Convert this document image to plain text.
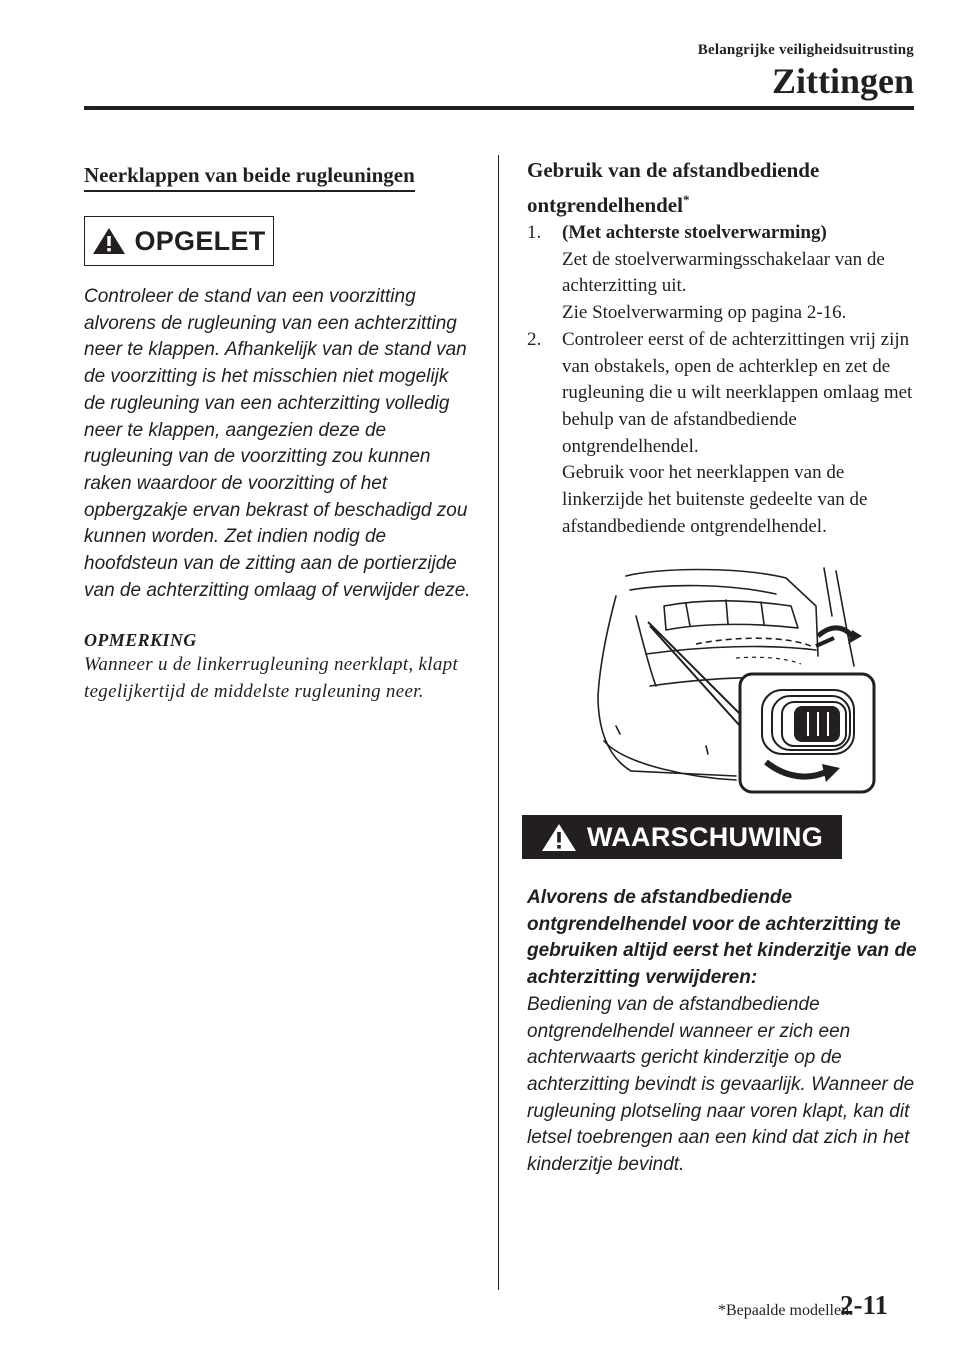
Belangrijke veiligheidsuitrusting
Zittingen
Neerklappen van beide rugleuningen
OPGELET
Controleer de stand van een voorzitting alvorens de rugleuning van een achterzitting neer te klappen. Afhankelijk van de stand van de voorzitting is het misschien niet mogelijk de rugleuning van een achterzitting volledig neer te klappen, aangezien deze de rugleuning van de voorzitting zou kunnen raken waardoor de voorzitting of het opbergzakje ervan bekrast of beschadigd zou kunnen worden. Zet indien nodig de hoofdsteun van de zitting aan de portierzijde van de achterzitting omlaag of verwijder deze.
OPMERKING
Wanneer u de linkerrugleuning neerklapt, klapt tegelijkertijd de middelste rugleuning neer.
Gebruik van de afstandbediende ontgrendelhendel*
1. (Met achterste stoelverwarming)
Zet de stoelverwarmingsschakelaar van de achterzitting uit.
Zie Stoelverwarming op pagina 2-16.
2. Controleer eerst of de achterzittingen vrij zijn van obstakels, open de achterklep en zet de rugleuning die u wilt neerklappen omlaag met behulp van de afstandbediende ontgrendelhendel.
Gebruik voor het neerklappen van de linkerzijde het buitenste gedeelte van de afstandbediende ontgrendelhendel.
WAARSCHUWING
Alvorens de afstandbediende ontgrendelhendel voor de achterzitting te gebruiken altijd eerst het kinderzitje van de achterzitting verwijderen:
Bediening van de afstandbediende ontgrendelhendel wanneer er zich een achterwaarts gericht kinderzitje op de achterzitting bevindt is gevaarlijk. Wanneer de rugleuning plotseling naar voren klapt, kan dit letsel toebrengen aan een kind dat zich in het kinderzitje bevindt.
*Bepaalde modellen.
2-11
